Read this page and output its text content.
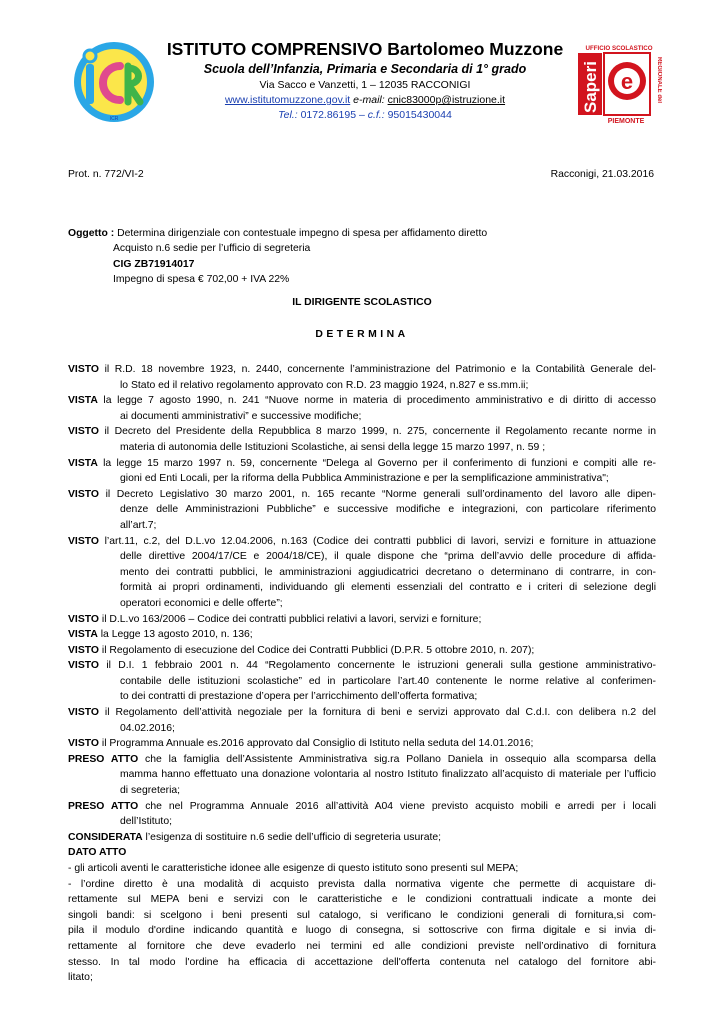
ICR
ISTITUTO COMPRENSIVO Bartolomeo Muzzone
Scuola dell’Infanzia, Primaria e Secondaria di 1° grado
Via Sacco e Vanzetti, 1 – 12035 RACCONIGI
www.istitutomuzzone.gov.it e-mail: cnic83000p@istruzione.it
Tel.: 0172.86195 – c.f.: 95015430044
UFFICIO SCOLASTICO
Saperi e	REGIONALE del
PIEMONTE
Prot. n. 772/VI-2	Racconigi, 21.03.2016
Oggetto : Determina dirigenziale con contestuale impegno di spesa per affidamento diretto
Acquisto n.6 sedie per l’ufficio di segreteria
CIG ZB71914017
Impegno di spesa € 702,00 + IVA 22%
IL DIRIGENTE SCOLASTICO
DETERMINA
VISTO il R.D. 18 novembre 1923, n. 2440, concernente l’amministrazione del Patrimonio e la Contabilità Generale del-
lo Stato ed il relativo regolamento approvato con R.D. 23 maggio 1924, n.827 e ss.mm.ii;
VISTA la legge 7 agosto 1990, n. 241 “Nuove norme in materia di procedimento amministrativo e di diritto di accesso
ai documenti amministrativi” e successive modifiche;
VISTO il Decreto del Presidente della Repubblica 8 marzo 1999, n. 275, concernente il Regolamento recante norme in
materia di autonomia delle Istituzioni Scolastiche, ai sensi della legge 15 marzo 1997, n. 59 ;
VISTA la legge 15 marzo 1997 n. 59, concernente “Delega al Governo per il conferimento di funzioni e compiti alle re-
gioni ed Enti Locali, per la riforma della Pubblica Amministrazione e per la semplificazione amministrativa";
VISTO il Decreto Legislativo 30 marzo 2001, n. 165 recante “Norme generali sull’ordinamento del lavoro alle dipen-
denze delle Amministrazioni Pubbliche” e successive modifiche e integrazioni, con particolare riferimento
all’art.7;
VISTO l’art.11, c.2, del D.L.vo 12.04.2006, n.163 (Codice dei contratti pubblici di lavori, servizi e forniture in attuazione
delle direttive 2004/17/CE e 2004/18/CE), il quale dispone che “prima dell’avvio delle procedure di affida-
mento dei contratti pubblici, le amministrazioni aggiudicatrici decretano o determinano di contrarre, in con-
formità ai propri ordinamenti, individuando gli elementi essenziali del contratto e i criteri di selezione degli
operatori economici e delle offerte”;
VISTO il D.L.vo 163/2006 – Codice dei contratti pubblici relativi a lavori, servizi e forniture;
VISTA la Legge 13 agosto 2010, n. 136;
VISTO il Regolamento di esecuzione del Codice dei Contratti Pubblici (D.P.R. 5 ottobre 2010, n. 207);
VISTO il D.I. 1 febbraio 2001 n. 44 “Regolamento concernente le istruzioni generali sulla gestione amministrativo-
contabile delle istituzioni scolastiche” ed in particolare l’art.40 contenente le norme relative al conferimen-
to dei contratti di prestazione d’opera per l’arricchimento dell’offerta formativa;
VISTO il Regolamento dell’attività negoziale per la fornitura di beni e servizi approvato dal C.d.I. con delibera n.2 del
04.02.2016;
VISTO il Programma Annuale es.2016 approvato dal Consiglio di Istituto nella seduta del 14.01.2016;
PRESO ATTO che la famiglia dell’Assistente Amministrativa sig.ra Pollano Daniela in ossequio alla scomparsa della
mamma hanno effettuato una donazione volontaria al nostro Istituto finalizzato all’acquisto di materiale per l’ufficio
di segreteria;
PRESO ATTO che nel Programma Annuale 2016 all’attività A04 viene previsto acquisto mobili e arredi per i locali
dell’Istituto;
CONSIDERATA l’esigenza di sostituire n.6 sedie dell’ufficio di segreteria usurate;
DATO ATTO
- gli articoli aventi le caratteristiche idonee alle esigenze di questo istituto sono presenti sul MEPA;
- l’ordine diretto è una modalità di acquisto prevista dalla normativa vigente che permette di acquistare di-
rettamente sul MEPA beni e servizi con le caratteristiche e le condizioni contrattuali indicate a monte dei
singoli bandi: si scelgono i beni presenti sul catalogo, si verificano le condizioni generali di fornitura,si com-
pila il modulo d'ordine indicando quantità e luogo di consegna, si sottoscrive con firma digitale e si invia di-
rettamente al fornitore che deve evaderlo nei termini ed alle condizioni previste nell’ordinativo di fornitura
stesso. In tal modo l'ordine ha efficacia di accettazione dell'offerta contenuta nel catalogo del fornitore abi-
litato;
